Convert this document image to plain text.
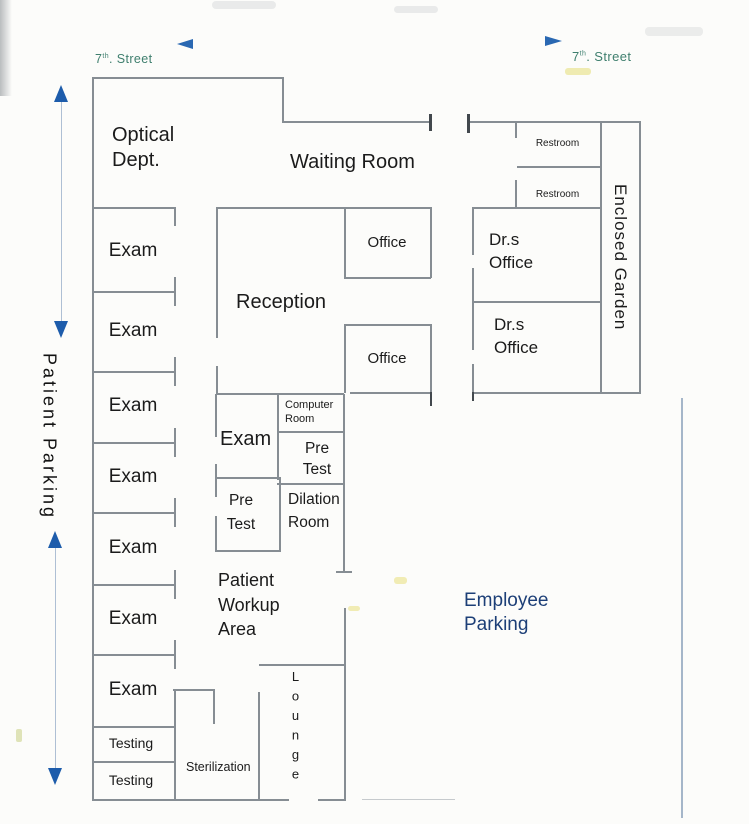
7th. Street	7th. Street

Patient Parking
Optical Dept.	Waiting Room
Reception
Office
Office
Restroom
Restroom
Dr.s Office
Dr.s Office
Enclosed Garden
Exam
Exam
Exam
Exam
Exam
Exam
Exam
Testing
Testing
Exam
Computer Room
Pre Test
Pre Test
Dilation Room
Patient Workup Area
Lounge
Sterilization
Employee Parking
